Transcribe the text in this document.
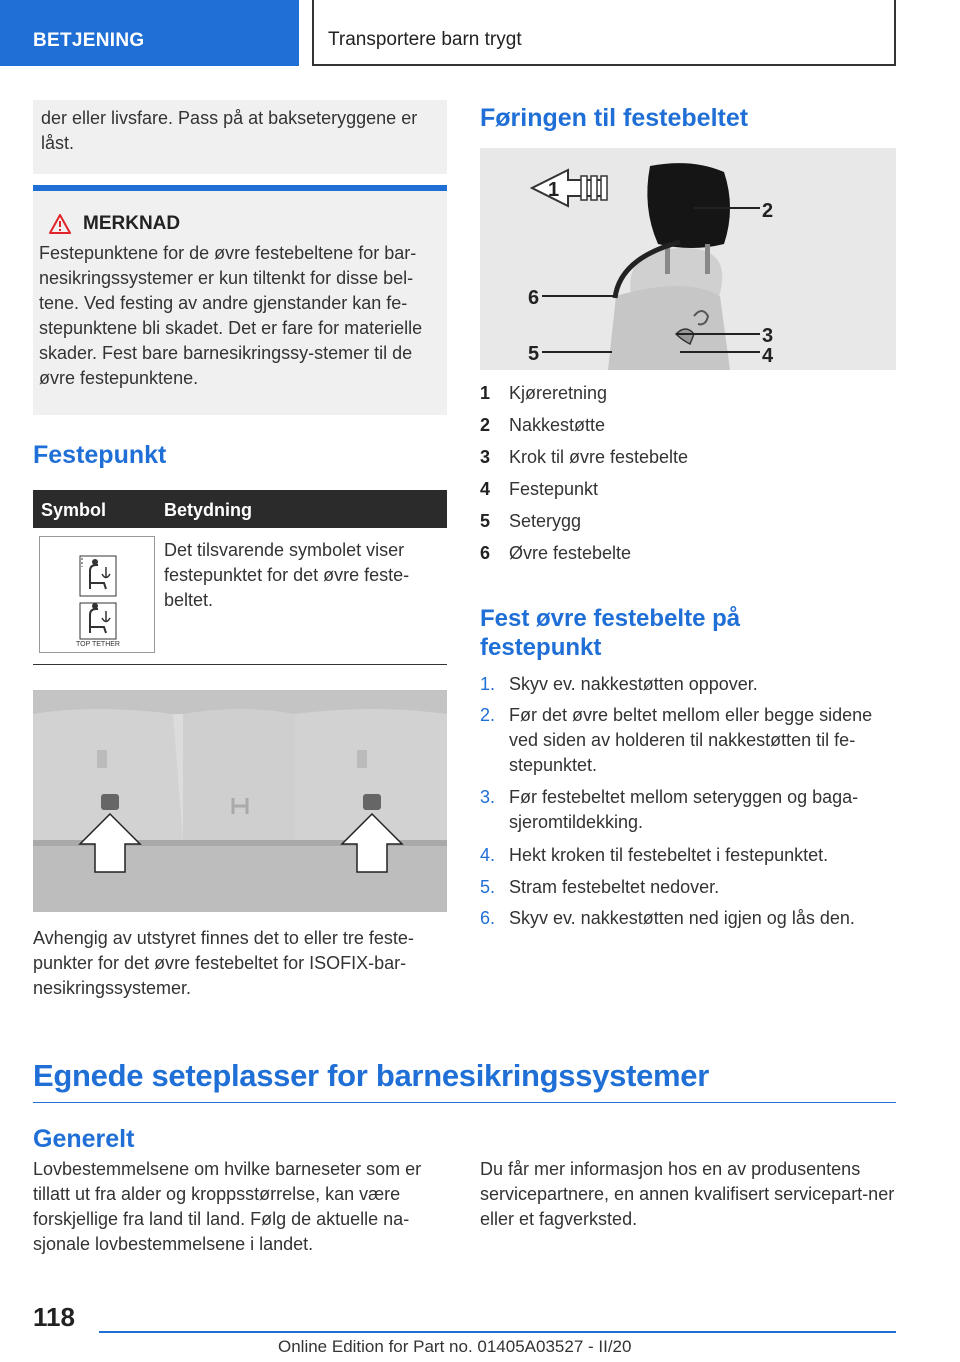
BETJENING	Transportere barn trygt
der eller livsfare. Pass på at bakseteryggene er låst.
MERKNAD
Festepunktene for de øvre festebeltene for bar-nesikringssystemer er kun tiltenkt for disse bel-tene. Ved festing av andre gjenstander kan fe-stepunktene bli skadet. Det er fare for materielle skader. Fest bare barnesikringssy-stemer til de øvre festepunktene.
Festepunkt
Symbol	Betydning
TOP TETHER
Det tilsvarende symbolet viser festepunktet for det øvre feste-beltet.
Avhengig av utstyret finnes det to eller tre feste-punkter for det øvre festebeltet for ISOFIX-bar-nesikringssystemer.
Føringen til festebeltet
1
2
6
3
5	4
1 Kjøreretning
2 Nakkestøtte
3 Krok til øvre festebelte
4 Festepunkt
5 Seterygg
6 Øvre festebelte
Fest øvre festebelte på
festepunkt
1. Skyv ev. nakkestøtten oppover.
2. Før det øvre beltet mellom eller begge sidene ved siden av holderen til nakkestøtten til fe-stepunktet.
3. Før festebeltet mellom seteryggen og baga-sjeromtildekking.
4. Hekt kroken til festebeltet i festepunktet.
5. Stram festebeltet nedover.
6. Skyv ev. nakkestøtten ned igjen og lås den.
Egnede seteplasser for barnesikringssystemer
Generelt
Lovbestemmelsene om hvilke barneseter som er tillatt ut fra alder og kroppsstørrelse, kan være forskjellige fra land til land. Følg de aktuelle na-sjonale lovbestemmelsene i landet.
Du får mer informasjon hos en av produsentens servicepartnere, en annen kvalifisert servicepart-ner eller et fagverksted.
118
Online Edition for Part no. 01405A03527 - II/20
